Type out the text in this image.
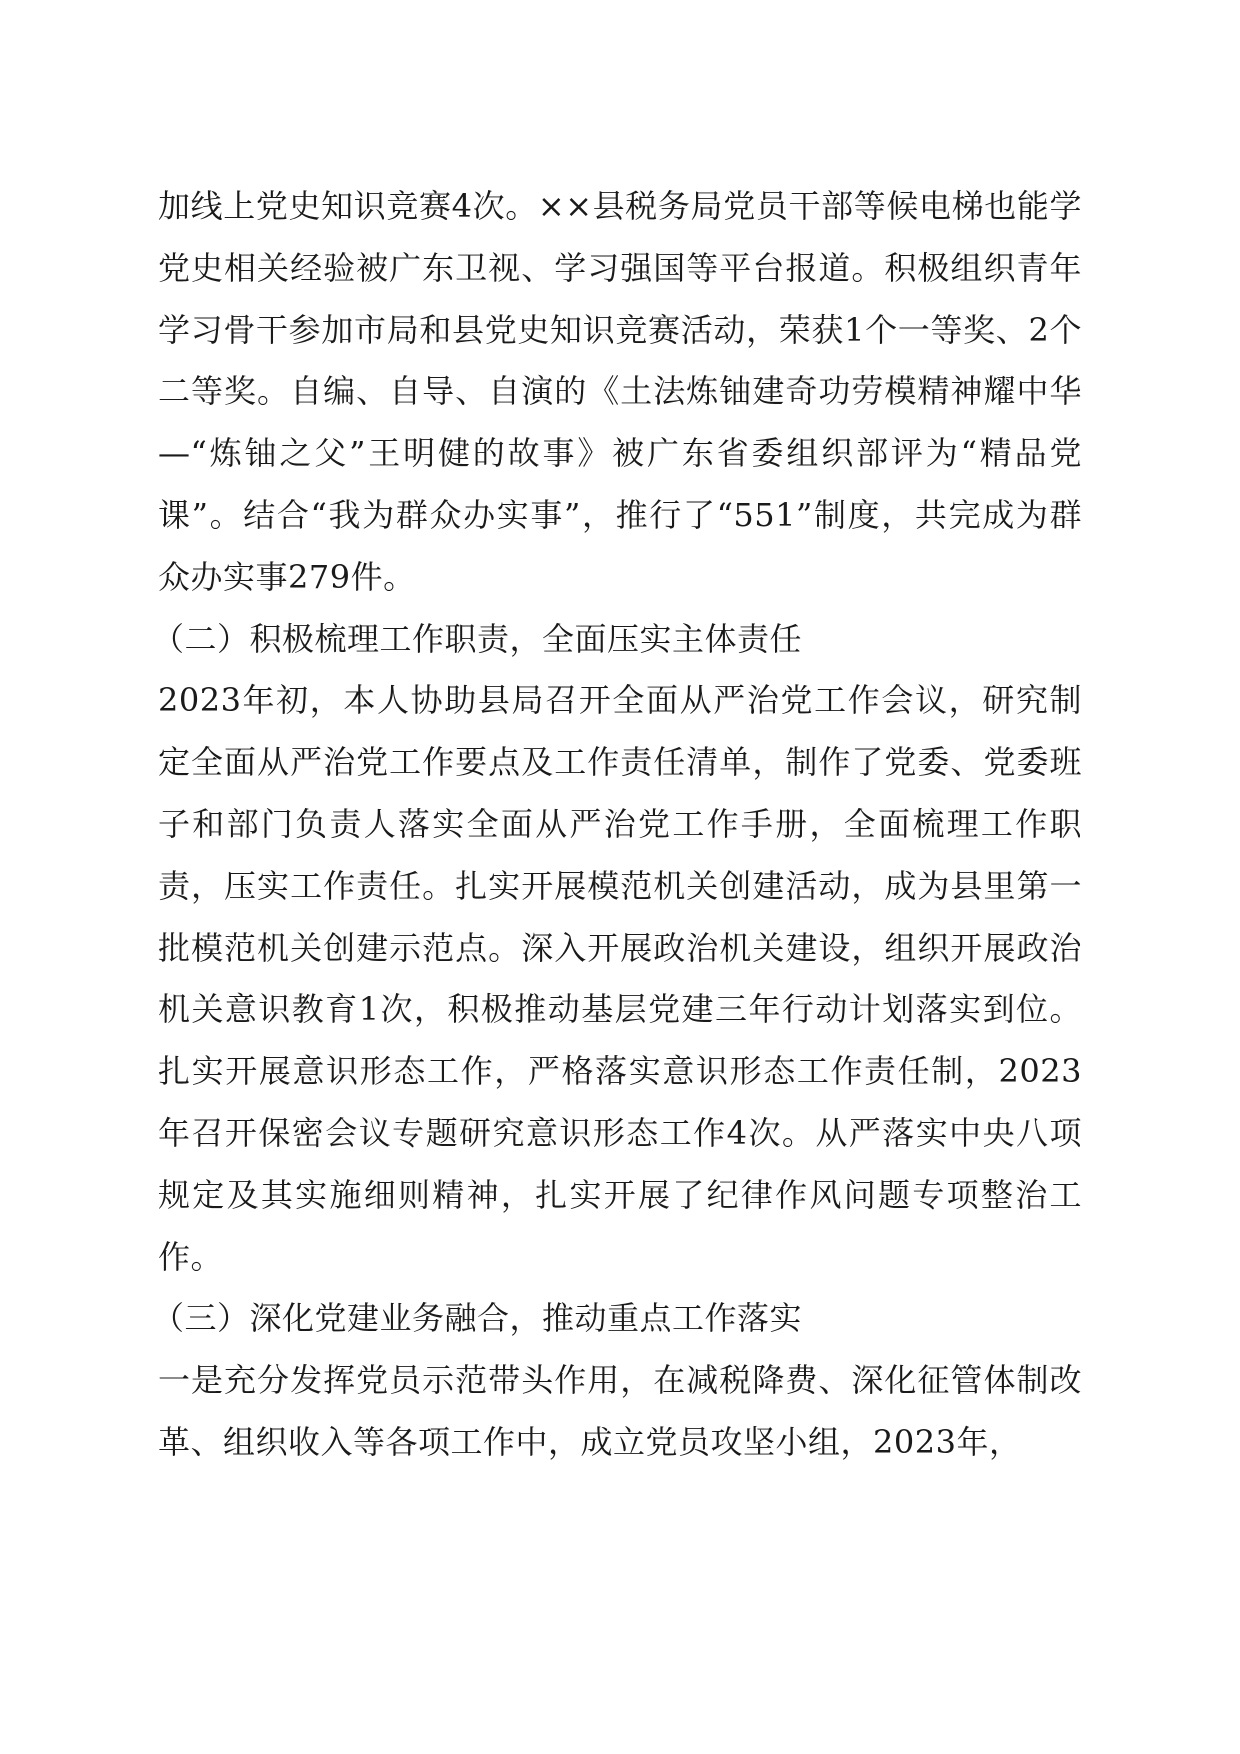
加线上党史知识竞赛4次。××县税务局党员干部等候电梯也能学党史相关经验被广东卫视、学习强国等平台报道。积极组织青年学习骨干参加市局和县党史知识竞赛活动，荣获1个一等奖、2个二等奖。自编、自导、自演的《土法炼铀建奇功劳模精神耀中华—“炼铀之父”王明健的故事》被广东省委组织部评为“精品党课”。结合“我为群众办实事”，推行了“551”制度，共完成为群众办实事279件。

（二）积极梳理工作职责，全面压实主体责任

2023年初，本人协助县局召开全面从严治党工作会议，研究制定全面从严治党工作要点及工作责任清单，制作了党委、党委班子和部门负责人落实全面从严治党工作手册，全面梳理工作职责，压实工作责任。扎实开展模范机关创建活动，成为县里第一批模范机关创建示范点。深入开展政治机关建设，组织开展政治机关意识教育1次，积极推动基层党建三年行动计划落实到位。扎实开展意识形态工作，严格落实意识形态工作责任制，2023年召开保密会议专题研究意识形态工作4次。从严落实中央八项规定及其实施细则精神，扎实开展了纪律作风问题专项整治工作。

（三）深化党建业务融合，推动重点工作落实

一是充分发挥党员示范带头作用，在减税降费、深化征管体制改革、组织收入等各项工作中，成立党员攻坚小组，2023年，
